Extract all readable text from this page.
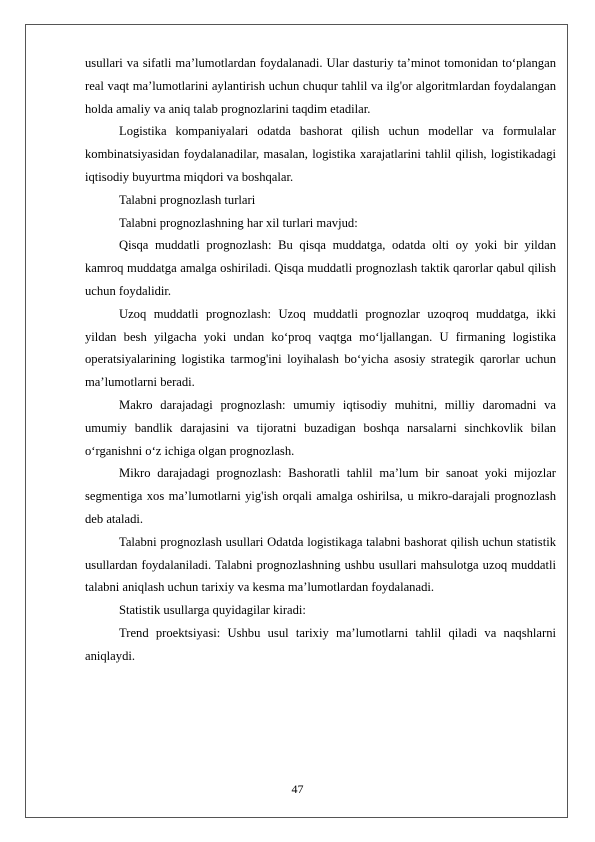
usullari va sifatli ma’lumotlardan foydalanadi. Ular dasturiy ta’minot tomonidan to‘plangan real vaqt ma’lumotlarini aylantirish uchun chuqur tahlil va ilg'or algoritmlardan foydalangan holda amaliy va aniq talab prognozlarini taqdim etadilar.

Logistika kompaniyalari odatda bashorat qilish uchun modellar va formulalar kombinatsiyasidan foydalanadilar, masalan, logistika xarajatlarini tahlil qilish, logistikadagi iqtisodiy buyurtma miqdori va boshqalar.

Talabni prognozlash turlari

Talabni prognozlashning har xil turlari mavjud:

Qisqa muddatli prognozlash: Bu qisqa muddatga, odatda olti oy yoki bir yildan kamroq muddatga amalga oshiriladi. Qisqa muddatli prognozlash taktik qarorlar qabul qilish uchun foydalidir.

Uzoq muddatli prognozlash: Uzoq muddatli prognozlar uzoqroq muddatga, ikki yildan besh yilgacha yoki undan ko‘proq vaqtga mo‘ljallangan. U firmaning logistika operatsiyalarining logistika tarmog'ini loyihalash bo‘yicha asosiy strategik qarorlar uchun ma’lumotlarni beradi.

Makro darajadagi prognozlash: umumiy iqtisodiy muhitni, milliy daromadni va umumiy bandlik darajasini va tijoratni buzadigan boshqa narsalarni sinchkovlik bilan o‘rganishni o‘z ichiga olgan prognozlash.

Mikro darajadagi prognozlash: Bashoratli tahlil ma’lum bir sanoat yoki mijozlar segmentiga xos ma’lumotlarni yig'ish orqali amalga oshirilsa, u mikro-darajali prognozlash deb ataladi.

Talabni prognozlash usullari Odatda logistikaga talabni bashorat qilish uchun statistik usullardan foydalaniladi. Talabni prognozlashning ushbu usullari mahsulotga uzoq muddatli talabni aniqlash uchun tarixiy va kesma ma’lumotlardan foydalanadi.

Statistik usullarga quyidagilar kiradi:

Trend proektsiyasi: Ushbu usul tarixiy ma’lumotlarni tahlil qiladi va naqshlarni aniqlaydi.

47
